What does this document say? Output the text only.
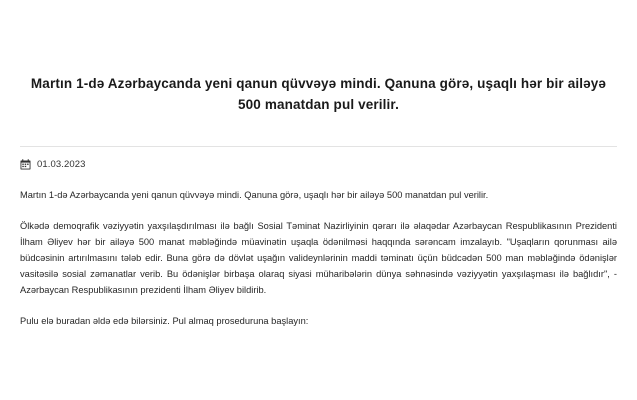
Martın 1-də Azərbaycanda yeni qanun qüvvəyə mindi. Qanuna görə, uşaqlı hər bir ailəyə 500 manatdan pul verilir.
01.03.2023

Martın 1-də Azərbaycanda yeni qanun qüvvəyə mindi. Qanuna görə, uşaqlı hər bir ailəyə 500 manatdan pul verilir.

Ölkədə demoqrafik vəziyyətin yaxşılaşdırılması ilə bağlı Sosial Təminat Nazirliyinin qərarı ilə əlaqədar Azərbaycan Respublikasının Prezidenti İlham Əliyev hər bir ailəyə 500 manat məbləğində müavinətin uşaqla ödənilməsi haqqında sərəncam imzalayıb. "Uşaqların qorunması ailə büdcəsinin artırılmasını tələb edir. Buna görə də dövlət uşağın valideynlərinin maddi təminatı üçün büdcədən 500 man məbləğində ödənişlər vasitəsilə sosial zəmanatlar verib. Bu ödənişlər birbaşa olaraq siyasi mühari​bələrin dünya səhnəsində vəziyyətin yaxşılaşması ilə bağlıdır", - Azərbaycan Respublikasının prezidenti İlham Əliyev bildirib.

Pulu elə buradan əldə edə bilərsiniz. Pul almaq prosedurunа başlayın:
